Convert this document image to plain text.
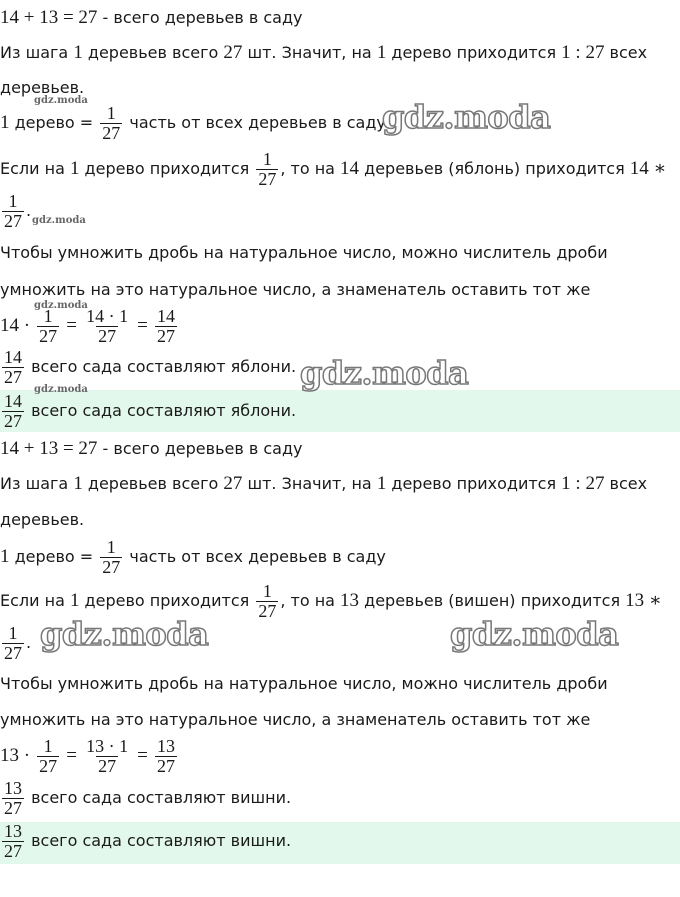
14 + 13 = 27 - всего деревьев в саду
Из шага 1 деревьев всего 27 шт. Значит, на 1 дерево приходится 1 : 27 всех
деревьев.
1 дерево = $\frac{1}{27}$ часть от всех деревьев в саду
Если на 1 дерево приходится $\frac{1}{27}$ , то на 14 деревьев (яблонь) приходится 14 ∗
$\frac{1}{27}$ .
Чтобы умножить дробь на натуральное число, можно числитель дроби
умножить на это натуральное число, а знаменатель оставить тот же
$14 \cdot \frac{1}{27} = \frac{14 \cdot 1}{27} = \frac{14}{27}$
$\frac{14}{27}$ всего сада составляют яблони.
$\frac{14}{27}$ всего сада составляют яблони.
14 + 13 = 27 - всего деревьев в саду
Из шага 1 деревьев всего 27 шт. Значит, на 1 дерево приходится 1 : 27 всех
деревьев.
1 дерево = $\frac{1}{27}$ часть от всех деревьев в саду
Если на 1 дерево приходится $\frac{1}{27}$ , то на 13 деревьев (вишен) приходится 13 ∗
$\frac{1}{27}$ .
Чтобы умножить дробь на натуральное число, можно числитель дроби
умножить на это натуральное число, а знаменатель оставить тот же
$13 \cdot \frac{1}{27} = \frac{13 \cdot 1}{27} = \frac{13}{27}$
$\frac{13}{27}$ всего сада составляют вишни.
$\frac{13}{27}$ всего сада составляют вишни.
gdz.moda
gdz.moda
gdz.moda	gdz.moda
gdz.moda
gdz.moda
gdz.moda
gdz.moda
